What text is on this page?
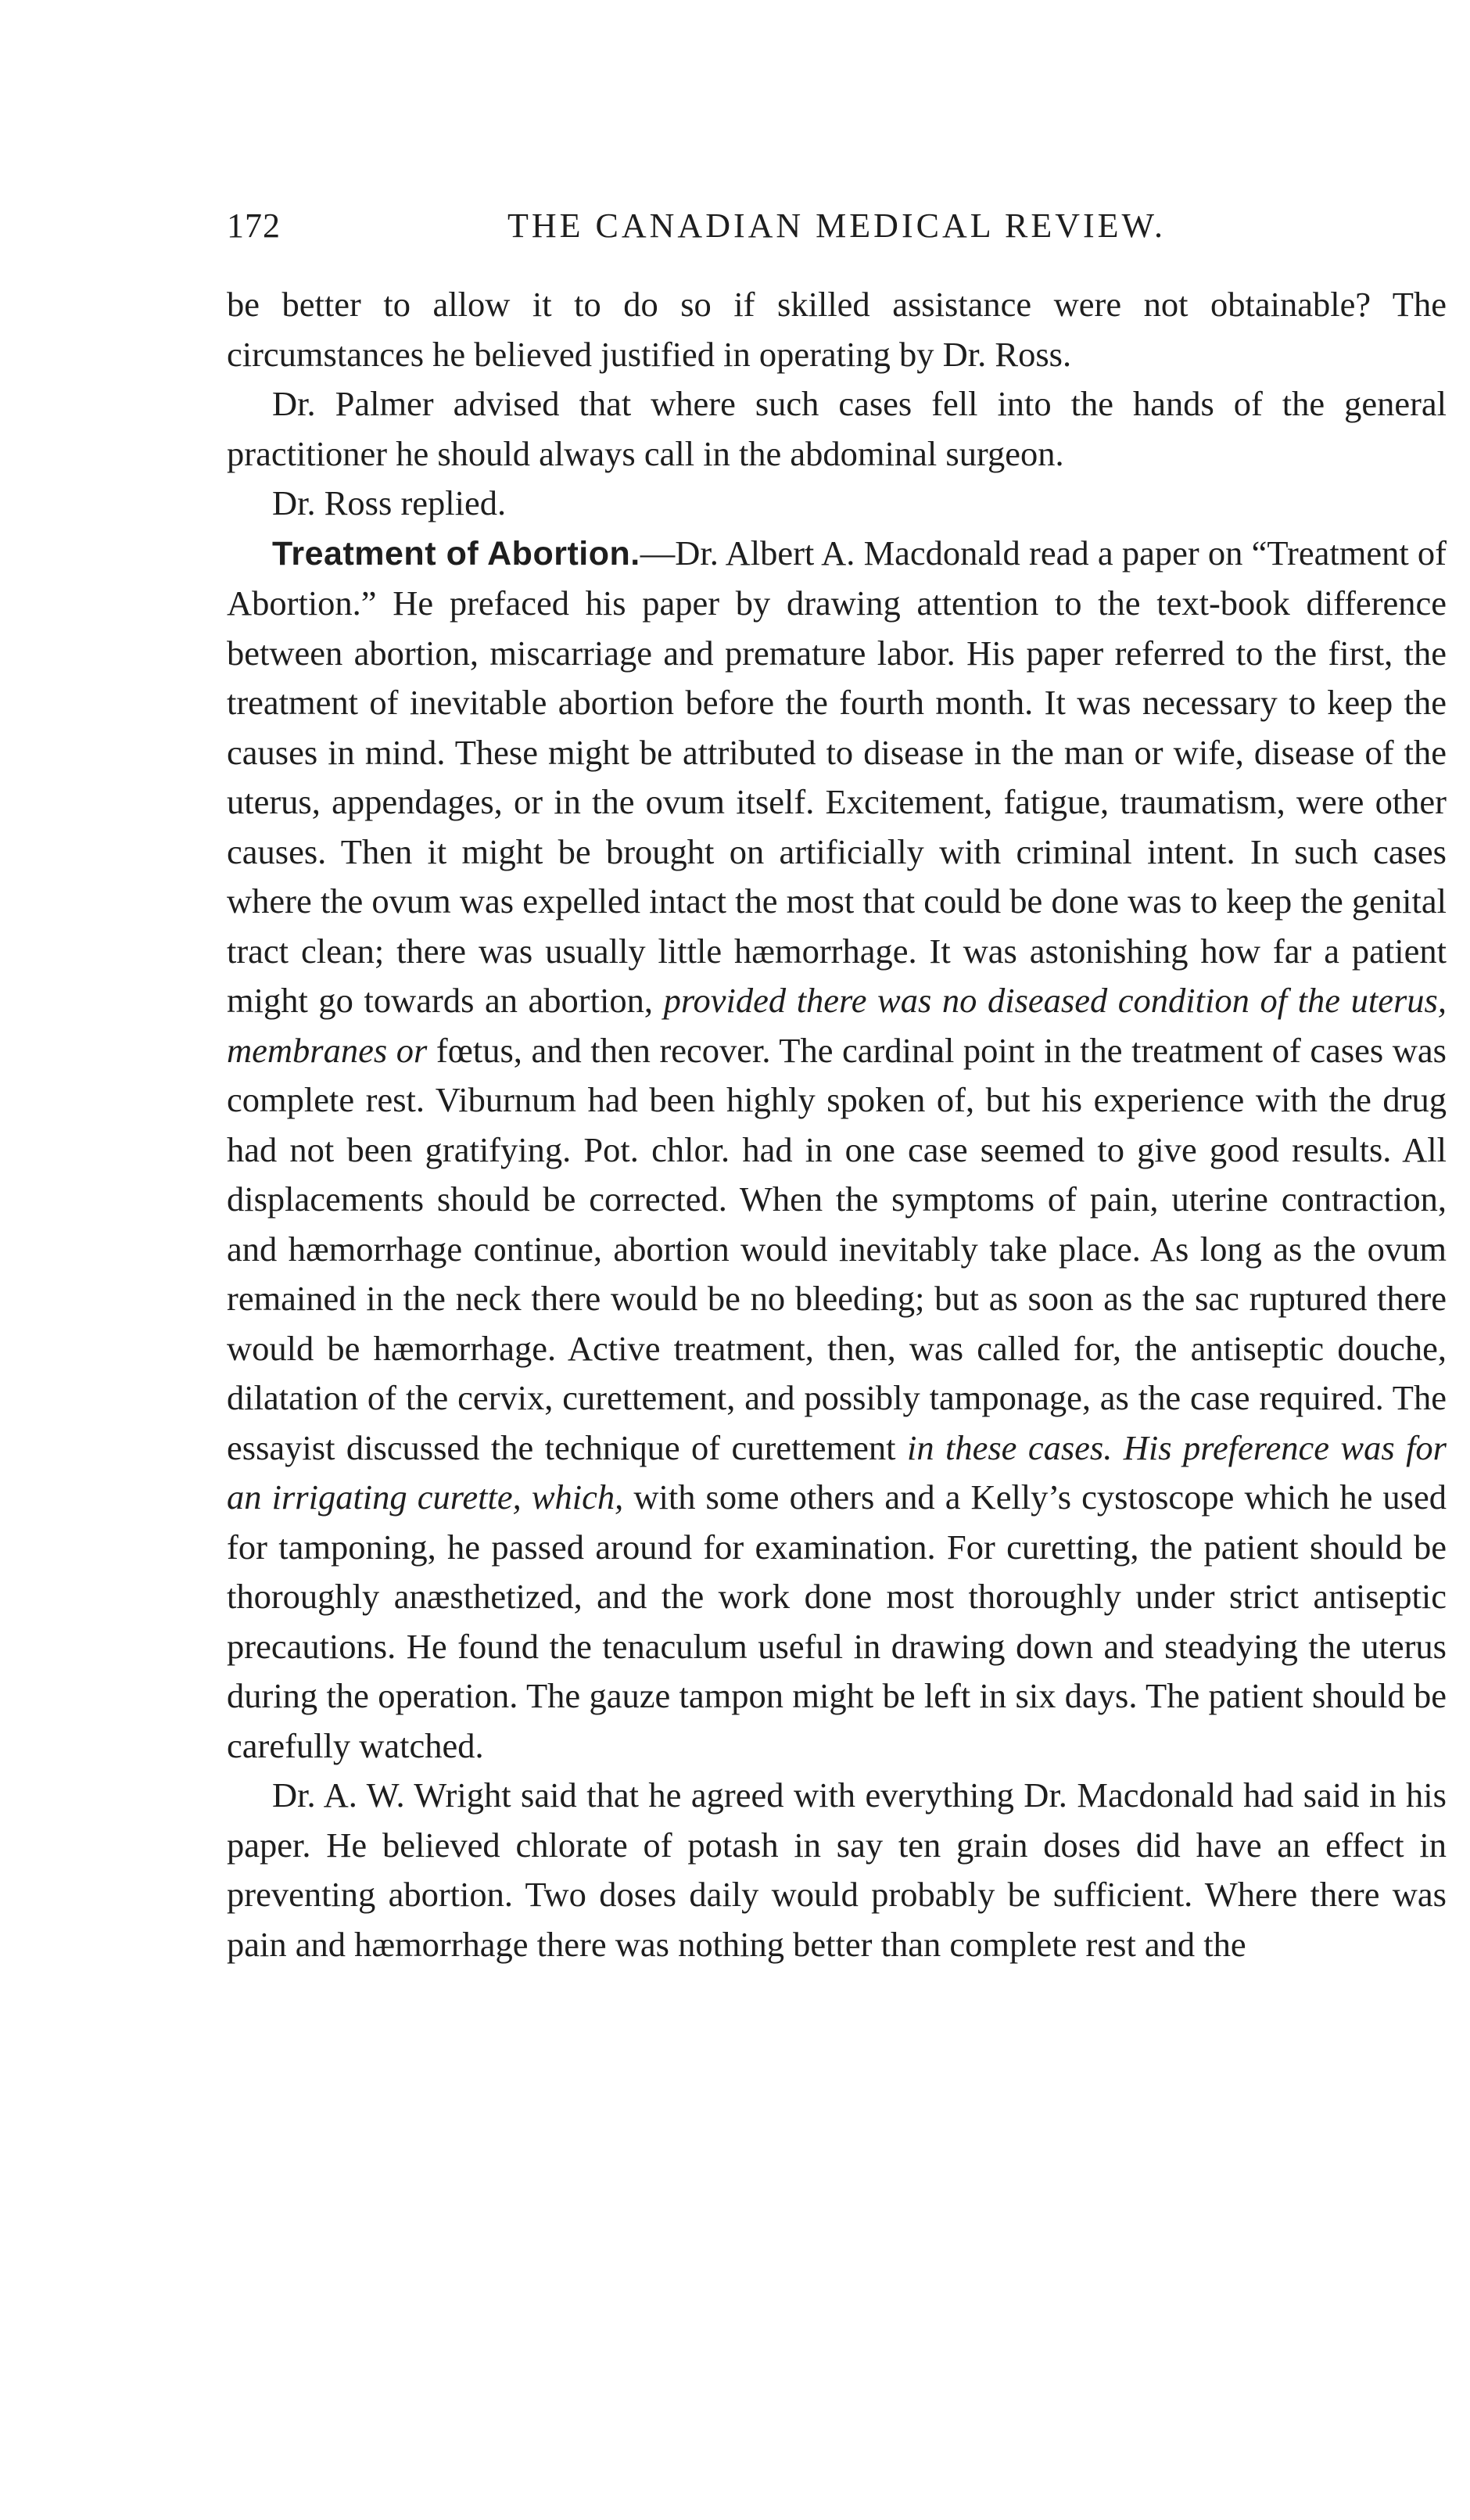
172	THE CANADIAN MEDICAL REVIEW.

be better to allow it to do so if skilled assistance were not obtainable? The circumstances he believed justified in operating by Dr. Ross.

Dr. Palmer advised that where such cases fell into the hands of the general practitioner he should always call in the abdominal surgeon.

Dr. Ross replied.

Treatment of Abortion.—Dr. Albert A. Macdonald read a paper on “Treatment of Abortion.” He prefaced his paper by drawing attention to the text-book difference between abortion, miscarriage and premature labor. His paper referred to the first, the treatment of inevitable abortion before the fourth month. It was necessary to keep the causes in mind. These might be attributed to disease in the man or wife, disease of the uterus, appendages, or in the ovum itself. Excitement, fatigue, traumatism, were other causes. Then it might be brought on artificially with criminal intent. In such cases where the ovum was expelled intact the most that could be done was to keep the genital tract clean; there was usually little hæmorrhage. It was astonishing how far a patient might go towards an abortion, provided there was no diseased condition of the uterus, membranes or fœtus, and then recover. The cardinal point in the treatment of cases was complete rest. Viburnum had been highly spoken of, but his experience with the drug had not been gratifying. Pot. chlor. had in one case seemed to give good results. All displacements should be corrected. When the symptoms of pain, uterine contraction, and hæmorrhage continue, abortion would inevitably take place. As long as the ovum remained in the neck there would be no bleeding; but as soon as the sac ruptured there would be hæmorrhage. Active treatment, then, was called for, the antiseptic douche, dilatation of the cervix, curettement, and possibly tamponage, as the case required. The essayist discussed the technique of curettement in these cases. His preference was for an irrigating curette, which, with some others and a Kelly’s cystoscope which he used for tamponing, he passed around for examination. For curetting, the patient should be thoroughly anæsthetized, and the work done most thoroughly under strict antiseptic precautions. He found the tenaculum useful in drawing down and steadying the uterus during the operation. The gauze tampon might be left in six days. The patient should be carefully watched.

Dr. A. W. Wright said that he agreed with everything Dr. Macdonald had said in his paper. He believed chlorate of potash in say ten grain doses did have an effect in preventing abortion. Two doses daily would probably be sufficient. Where there was pain and hæmorrhage there was nothing better than complete rest and the
